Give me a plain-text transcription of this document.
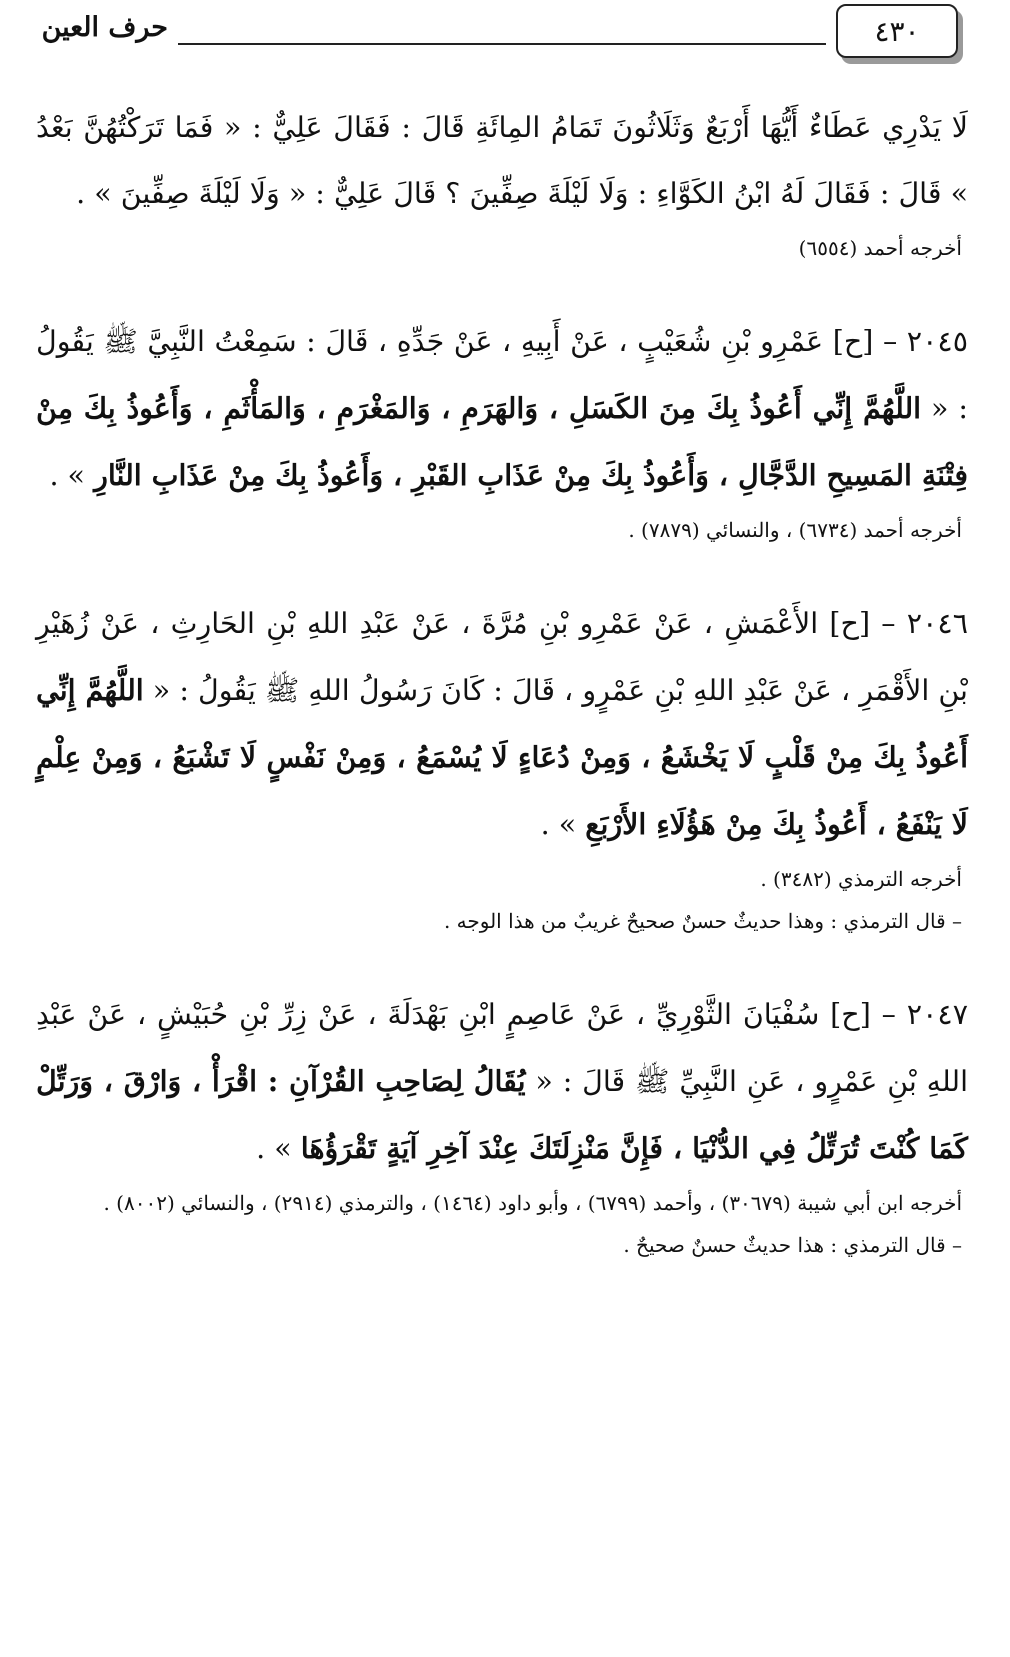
٤٣٠
حرف العين

لَا يَدْرِي عَطَاءٌ أَيُّهَا أَرْبَعٌ وَثَلَاثُونَ تَمَامُ المِائَةِ قَالَ : فَقَالَ عَلِيٌّ : « فَمَا تَرَكْتُهُنَّ بَعْدُ » قَالَ : فَقَالَ لَهُ ابْنُ الكَوَّاءِ : وَلَا لَيْلَةَ صِفِّينَ ؟ قَالَ عَلِيٌّ : « وَلَا لَيْلَةَ صِفِّينَ » .

أخرجه أحمد (٦٥٥٤)

٢٠٤٥ – [ح] عَمْرِو بْنِ شُعَيْبٍ ، عَنْ أَبِيهِ ، عَنْ جَدِّهِ ، قَالَ : سَمِعْتُ النَّبِيَّ ﷺ يَقُولُ : « اللَّهُمَّ إِنِّي أَعُوذُ بِكَ مِنَ الكَسَلِ ، وَالهَرَمِ ، وَالمَغْرَمِ ، وَالمَأْثَمِ ، وَأَعُوذُ بِكَ مِنْ فِتْنَةِ المَسِيحِ الدَّجَّالِ ، وَأَعُوذُ بِكَ مِنْ عَذَابِ القَبْرِ ، وَأَعُوذُ بِكَ مِنْ عَذَابِ النَّارِ » .

أخرجه أحمد (٦٧٣٤) ، والنسائي (٧٨٧٩) .

٢٠٤٦ – [ح] الأَعْمَشِ ، عَنْ عَمْرِو بْنِ مُرَّةَ ، عَنْ عَبْدِ اللهِ بْنِ الحَارِثِ ، عَنْ زُهَيْرِ بْنِ الأَقْمَرِ ، عَنْ عَبْدِ اللهِ بْنِ عَمْرٍو ، قَالَ : كَانَ رَسُولُ اللهِ ﷺ يَقُولُ : « اللَّهُمَّ إِنِّي أَعُوذُ بِكَ مِنْ قَلْبٍ لَا يَخْشَعُ ، وَمِنْ دُعَاءٍ لَا يُسْمَعُ ، وَمِنْ نَفْسٍ لَا تَشْبَعُ ، وَمِنْ عِلْمٍ لَا يَنْفَعُ ، أَعُوذُ بِكَ مِنْ هَؤُلَاءِ الأَرْبَعِ » .

أخرجه الترمذي (٣٤٨٢) .

– قال الترمذي : وهذا حديثٌ حسنٌ صحيحٌ غريبٌ من هذا الوجه .

٢٠٤٧ – [ح] سُفْيَانَ الثَّوْرِيِّ ، عَنْ عَاصِمٍ ابْنِ بَهْدَلَةَ ، عَنْ زِرِّ بْنِ حُبَيْشٍ ، عَنْ عَبْدِ اللهِ بْنِ عَمْرٍو ، عَنِ النَّبِيِّ ﷺ قَالَ : « يُقَالُ لِصَاحِبِ القُرْآنِ : اقْرَأْ ، وَارْقَ ، وَرَتِّلْ كَمَا كُنْتَ تُرَتِّلُ فِي الدُّنْيَا ، فَإِنَّ مَنْزِلَتَكَ عِنْدَ آخِرِ آيَةٍ تَقْرَؤُهَا » .

أخرجه ابن أبي شيبة (٣٠٦٧٩) ، وأحمد (٦٧٩٩) ، وأبو داود (١٤٦٤) ، والترمذي (٢٩١٤) ، والنسائي (٨٠٠٢) .

– قال الترمذي : هذا حديثٌ حسنٌ صحيحٌ .
